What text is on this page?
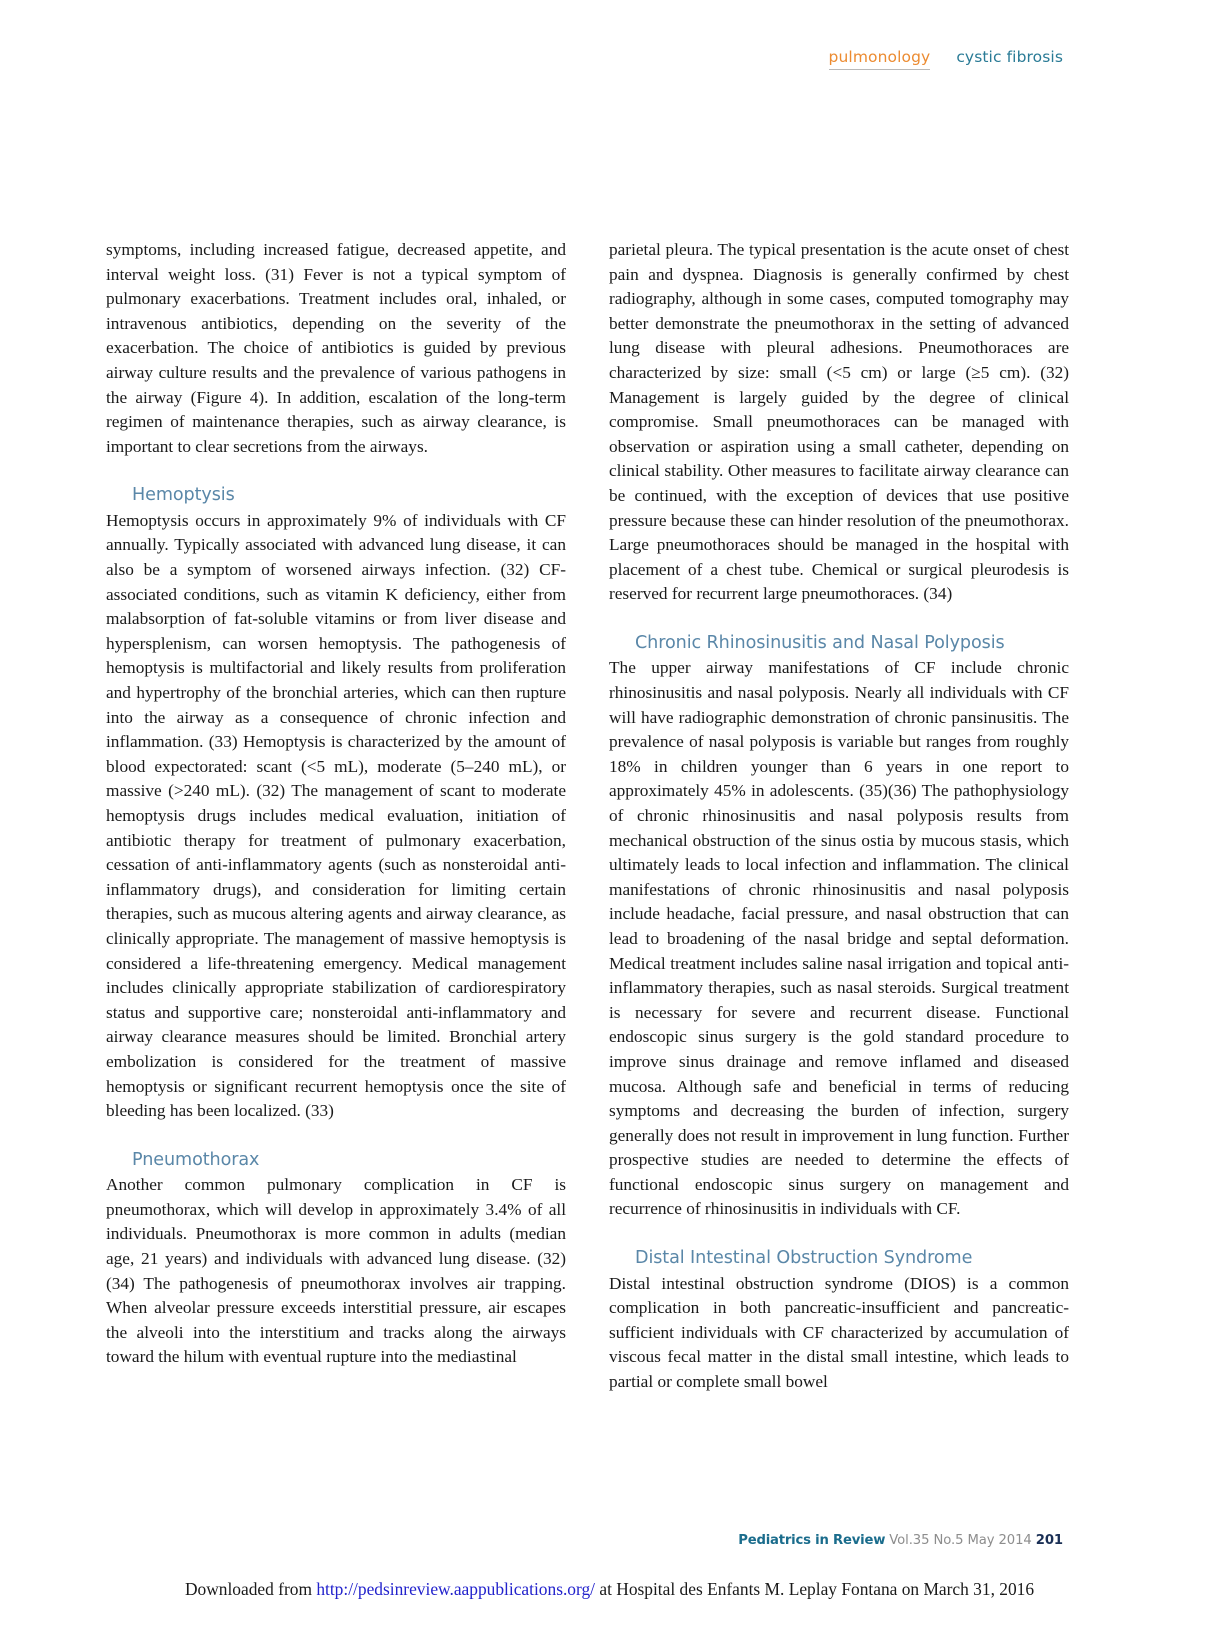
pulmonology cystic fibrosis

symptoms, including increased fatigue, decreased appetite, and interval weight loss. (31) Fever is not a typical symptom of pulmonary exacerbations. Treatment includes oral, inhaled, or intravenous antibiotics, depending on the severity of the exacerbation. The choice of antibiotics is guided by previous airway culture results and the prevalence of various pathogens in the airway (Figure 4). In addition, escalation of the long-term regimen of maintenance therapies, such as airway clearance, is important to clear secretions from the airways.

Hemoptysis

Hemoptysis occurs in approximately 9% of individuals with CF annually. Typically associated with advanced lung disease, it can also be a symptom of worsened airways infection. (32) CF-associated conditions, such as vitamin K deficiency, either from malabsorption of fat-soluble vitamins or from liver disease and hypersplenism, can worsen hemoptysis. The pathogenesis of hemoptysis is multifactorial and likely results from proliferation and hypertrophy of the bronchial arteries, which can then rupture into the airway as a consequence of chronic infection and inflammation. (33) Hemoptysis is characterized by the amount of blood expectorated: scant (<5 mL), moderate (5–240 mL), or massive (>240 mL). (32) The management of scant to moderate hemoptysis drugs includes medical evaluation, initiation of antibiotic therapy for treatment of pulmonary exacerbation, cessation of anti-inflammatory agents (such as nonsteroidal anti-inflammatory drugs), and consideration for limiting certain therapies, such as mucous altering agents and airway clearance, as clinically appropriate. The management of massive hemoptysis is considered a life-threatening emergency. Medical management includes clinically appropriate stabilization of cardiorespiratory status and supportive care; nonsteroidal anti-inflammatory and airway clearance measures should be limited. Bronchial artery embolization is considered for the treatment of massive hemoptysis or significant recurrent hemoptysis once the site of bleeding has been localized. (33)

Pneumothorax

Another common pulmonary complication in CF is pneumothorax, which will develop in approximately 3.4% of all individuals. Pneumothorax is more common in adults (median age, 21 years) and individuals with advanced lung disease. (32)(34) The pathogenesis of pneumothorax involves air trapping. When alveolar pressure exceeds interstitial pressure, air escapes the alveoli into the interstitium and tracks along the airways toward the hilum with eventual rupture into the mediastinal

parietal pleura. The typical presentation is the acute onset of chest pain and dyspnea. Diagnosis is generally confirmed by chest radiography, although in some cases, computed tomography may better demonstrate the pneumothorax in the setting of advanced lung disease with pleural adhesions. Pneumothoraces are characterized by size: small (<5 cm) or large (≥5 cm). (32) Management is largely guided by the degree of clinical compromise. Small pneumothoraces can be managed with observation or aspiration using a small catheter, depending on clinical stability. Other measures to facilitate airway clearance can be continued, with the exception of devices that use positive pressure because these can hinder resolution of the pneumothorax. Large pneumothoraces should be managed in the hospital with placement of a chest tube. Chemical or surgical pleurodesis is reserved for recurrent large pneumothoraces. (34)

Chronic Rhinosinusitis and Nasal Polyposis

The upper airway manifestations of CF include chronic rhinosinusitis and nasal polyposis. Nearly all individuals with CF will have radiographic demonstration of chronic pansinusitis. The prevalence of nasal polyposis is variable but ranges from roughly 18% in children younger than 6 years in one report to approximately 45% in adolescents. (35)(36) The pathophysiology of chronic rhinosinusitis and nasal polyposis results from mechanical obstruction of the sinus ostia by mucous stasis, which ultimately leads to local infection and inflammation. The clinical manifestations of chronic rhinosinusitis and nasal polyposis include headache, facial pressure, and nasal obstruction that can lead to broadening of the nasal bridge and septal deformation. Medical treatment includes saline nasal irrigation and topical anti-inflammatory therapies, such as nasal steroids. Surgical treatment is necessary for severe and recurrent disease. Functional endoscopic sinus surgery is the gold standard procedure to improve sinus drainage and remove inflamed and diseased mucosa. Although safe and beneficial in terms of reducing symptoms and decreasing the burden of infection, surgery generally does not result in improvement in lung function. Further prospective studies are needed to determine the effects of functional endoscopic sinus surgery on management and recurrence of rhinosinusitis in individuals with CF.

Distal Intestinal Obstruction Syndrome

Distal intestinal obstruction syndrome (DIOS) is a common complication in both pancreatic-insufficient and pancreatic-sufficient individuals with CF characterized by accumulation of viscous fecal matter in the distal small intestine, which leads to partial or complete small bowel

Pediatrics in Review Vol.35 No.5 May 2014 201
Downloaded from http://pedsinreview.aappublications.org/ at Hospital des Enfants M. Leplay Fontana on March 31, 2016
